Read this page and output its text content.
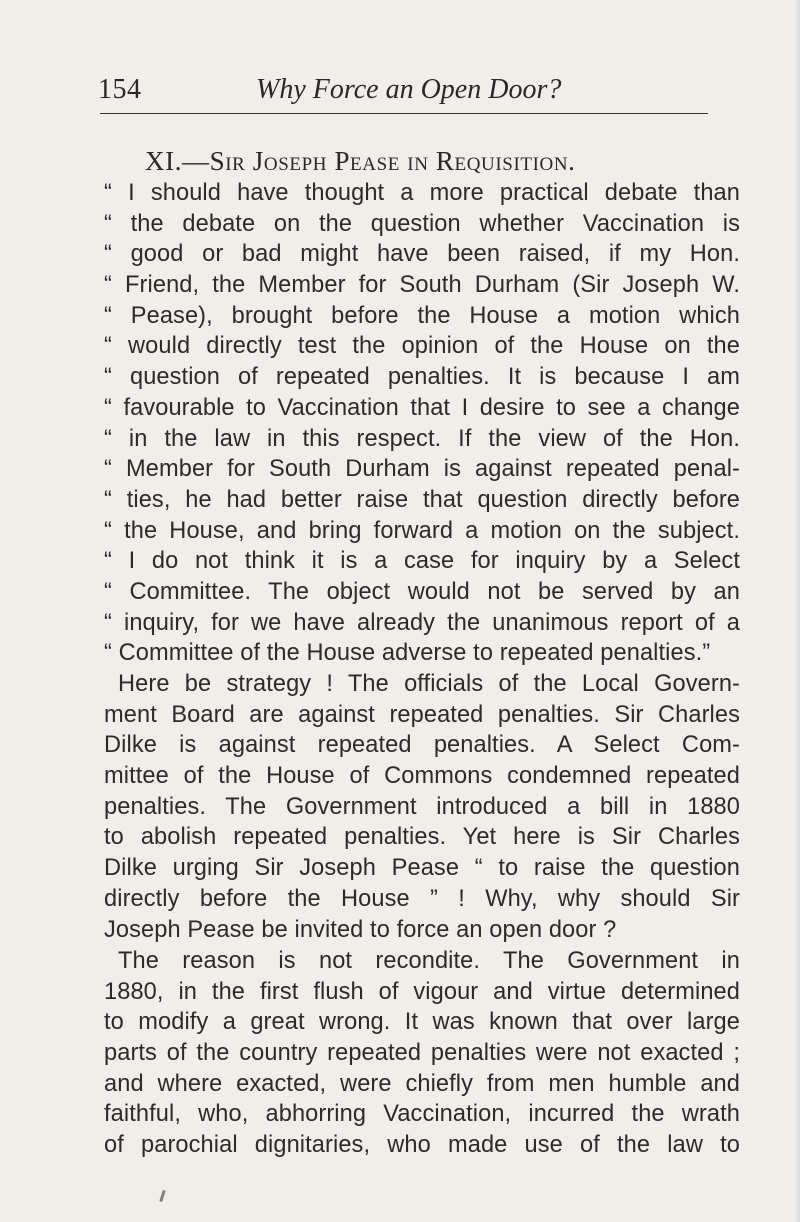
154	Why Force an Open Door?
XI.—Sir Joseph Pease in Requisition.
“ I should have thought a more practical debate than
“ the debate on the question whether Vaccination is
“ good or bad might have been raised, if my Hon.
“ Friend, the Member for South Durham (Sir Joseph W.
“ Pease), brought before the House a motion which
“ would directly test the opinion of the House on the
“ question of repeated penalties. It is because I am
“ favourable to Vaccination that I desire to see a change
“ in the law in this respect. If the view of the Hon.
“ Member for South Durham is against repeated penal-
“ ties, he had better raise that question directly before
“ the House, and bring forward a motion on the subject.
“ I do not think it is a case for inquiry by a Select
“ Committee. The object would not be served by an
“ inquiry, for we have already the unanimous report of a
“ Committee of the House adverse to repeated penalties.”
Here be strategy ! The officials of the Local Govern-
ment Board are against repeated penalties. Sir Charles
Dilke is against repeated penalties. A Select Com-
mittee of the House of Commons condemned repeated
penalties. The Government introduced a bill in 1880
to abolish repeated penalties. Yet here is Sir Charles
Dilke urging Sir Joseph Pease “ to raise the question
directly before the House ” ! Why, why should Sir
Joseph Pease be invited to force an open door ?
The reason is not recondite. The Government in
1880, in the first flush of vigour and virtue determined
to modify a great wrong. It was known that over large
parts of the country repeated penalties were not exacted ;
and where exacted, were chiefly from men humble and
faithful, who, abhorring Vaccination, incurred the wrath
of parochial dignitaries, who made use of the law to
